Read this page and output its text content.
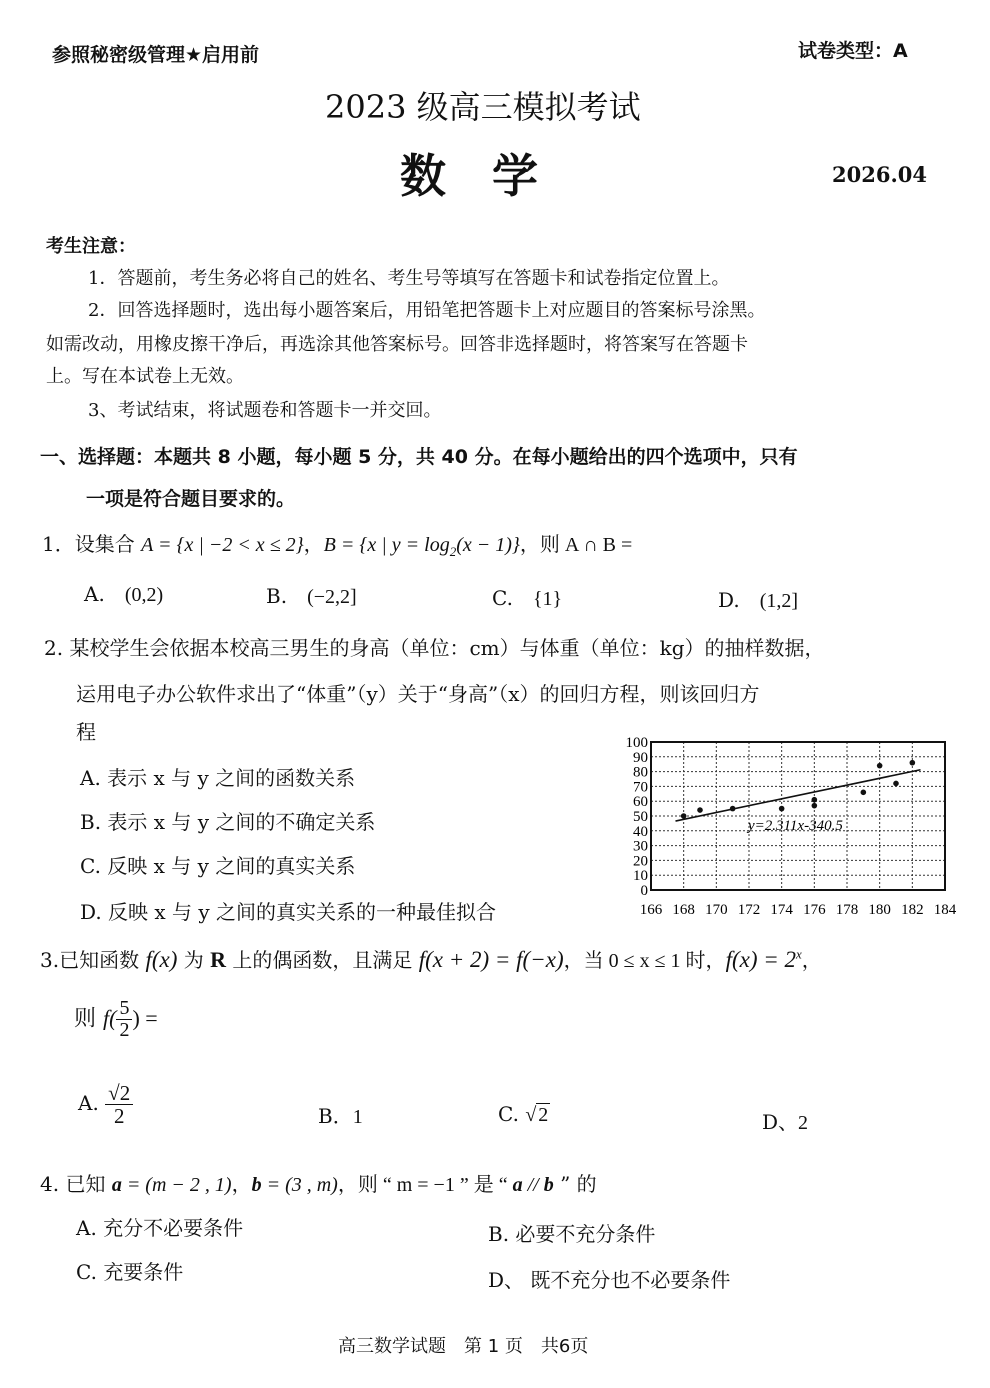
参照秘密级管理★启用前	试卷类型：A
2023 级高三模拟考试
数　学	2026.04
考生注意：
1．答题前，考生务必将自己的姓名、考生号等填写在答题卡和试卷指定位置上。
2．回答选择题时，选出每小题答案后，用铅笔把答题卡上对应题目的答案标号涂黑。
如需改动，用橡皮擦干净后，再选涂其他答案标号。回答非选择题时，将答案写在答题卡
上。写在本试卷上无效。
3、考试结束，将试题卷和答题卡一并交回。
一、选择题：本题共 8 小题，每小题 5 分，共 40 分。在每小题给出的四个选项中，只有
一项是符合题目要求的。
1．设集合 A = {x | −2 < x ≤ 2}，B = {x | $y = \log_2(x - 1)$}，则 A ∩ B =
A.　 (0,2)	B.　 (−2,2]	C.　 {1}	D.　 (1,2]
2. 某校学生会依据本校高三男生的身高（单位：cm）与体重（单位：kg）的抽样数据，
运用电子办公软件求出了“体重”（y）关于“身高”（x）的回归方程，则该回归方
程
A. 表示 x 与 y 之间的函数关系
B. 表示 x 与 y 之间的不确定关系
C. 反映 x 与 y 之间的真实关系
D. 反映 x 与 y 之间的真实关系的一种最佳拟合
0
10
20
30
40
50
60
70
80
90
100
166 168 170 172 174 176 178 180 182 184
y=2.311x-340.5
3.已知函数 f(x) 为 R 上的偶函数，且满足 f(x + 2) = f(−x)，当 0 ≤ x ≤ 1 时，$f(x) = 2^x$，
则 $f( \frac{5}{2}$ ) =
A. $\frac{√2}{2}$	B．1	C. √ 2	D、2
4. 已知 a = (m − 2 , 1)，b = (3 , m)，则 “ m = −1 ” 是 “ a // b ” 的
A. 充分不必要条件	B. 必要不充分条件
C. 充要条件	D、 既不充分也不必要条件
高三数学试题　第 1 页　共6页
